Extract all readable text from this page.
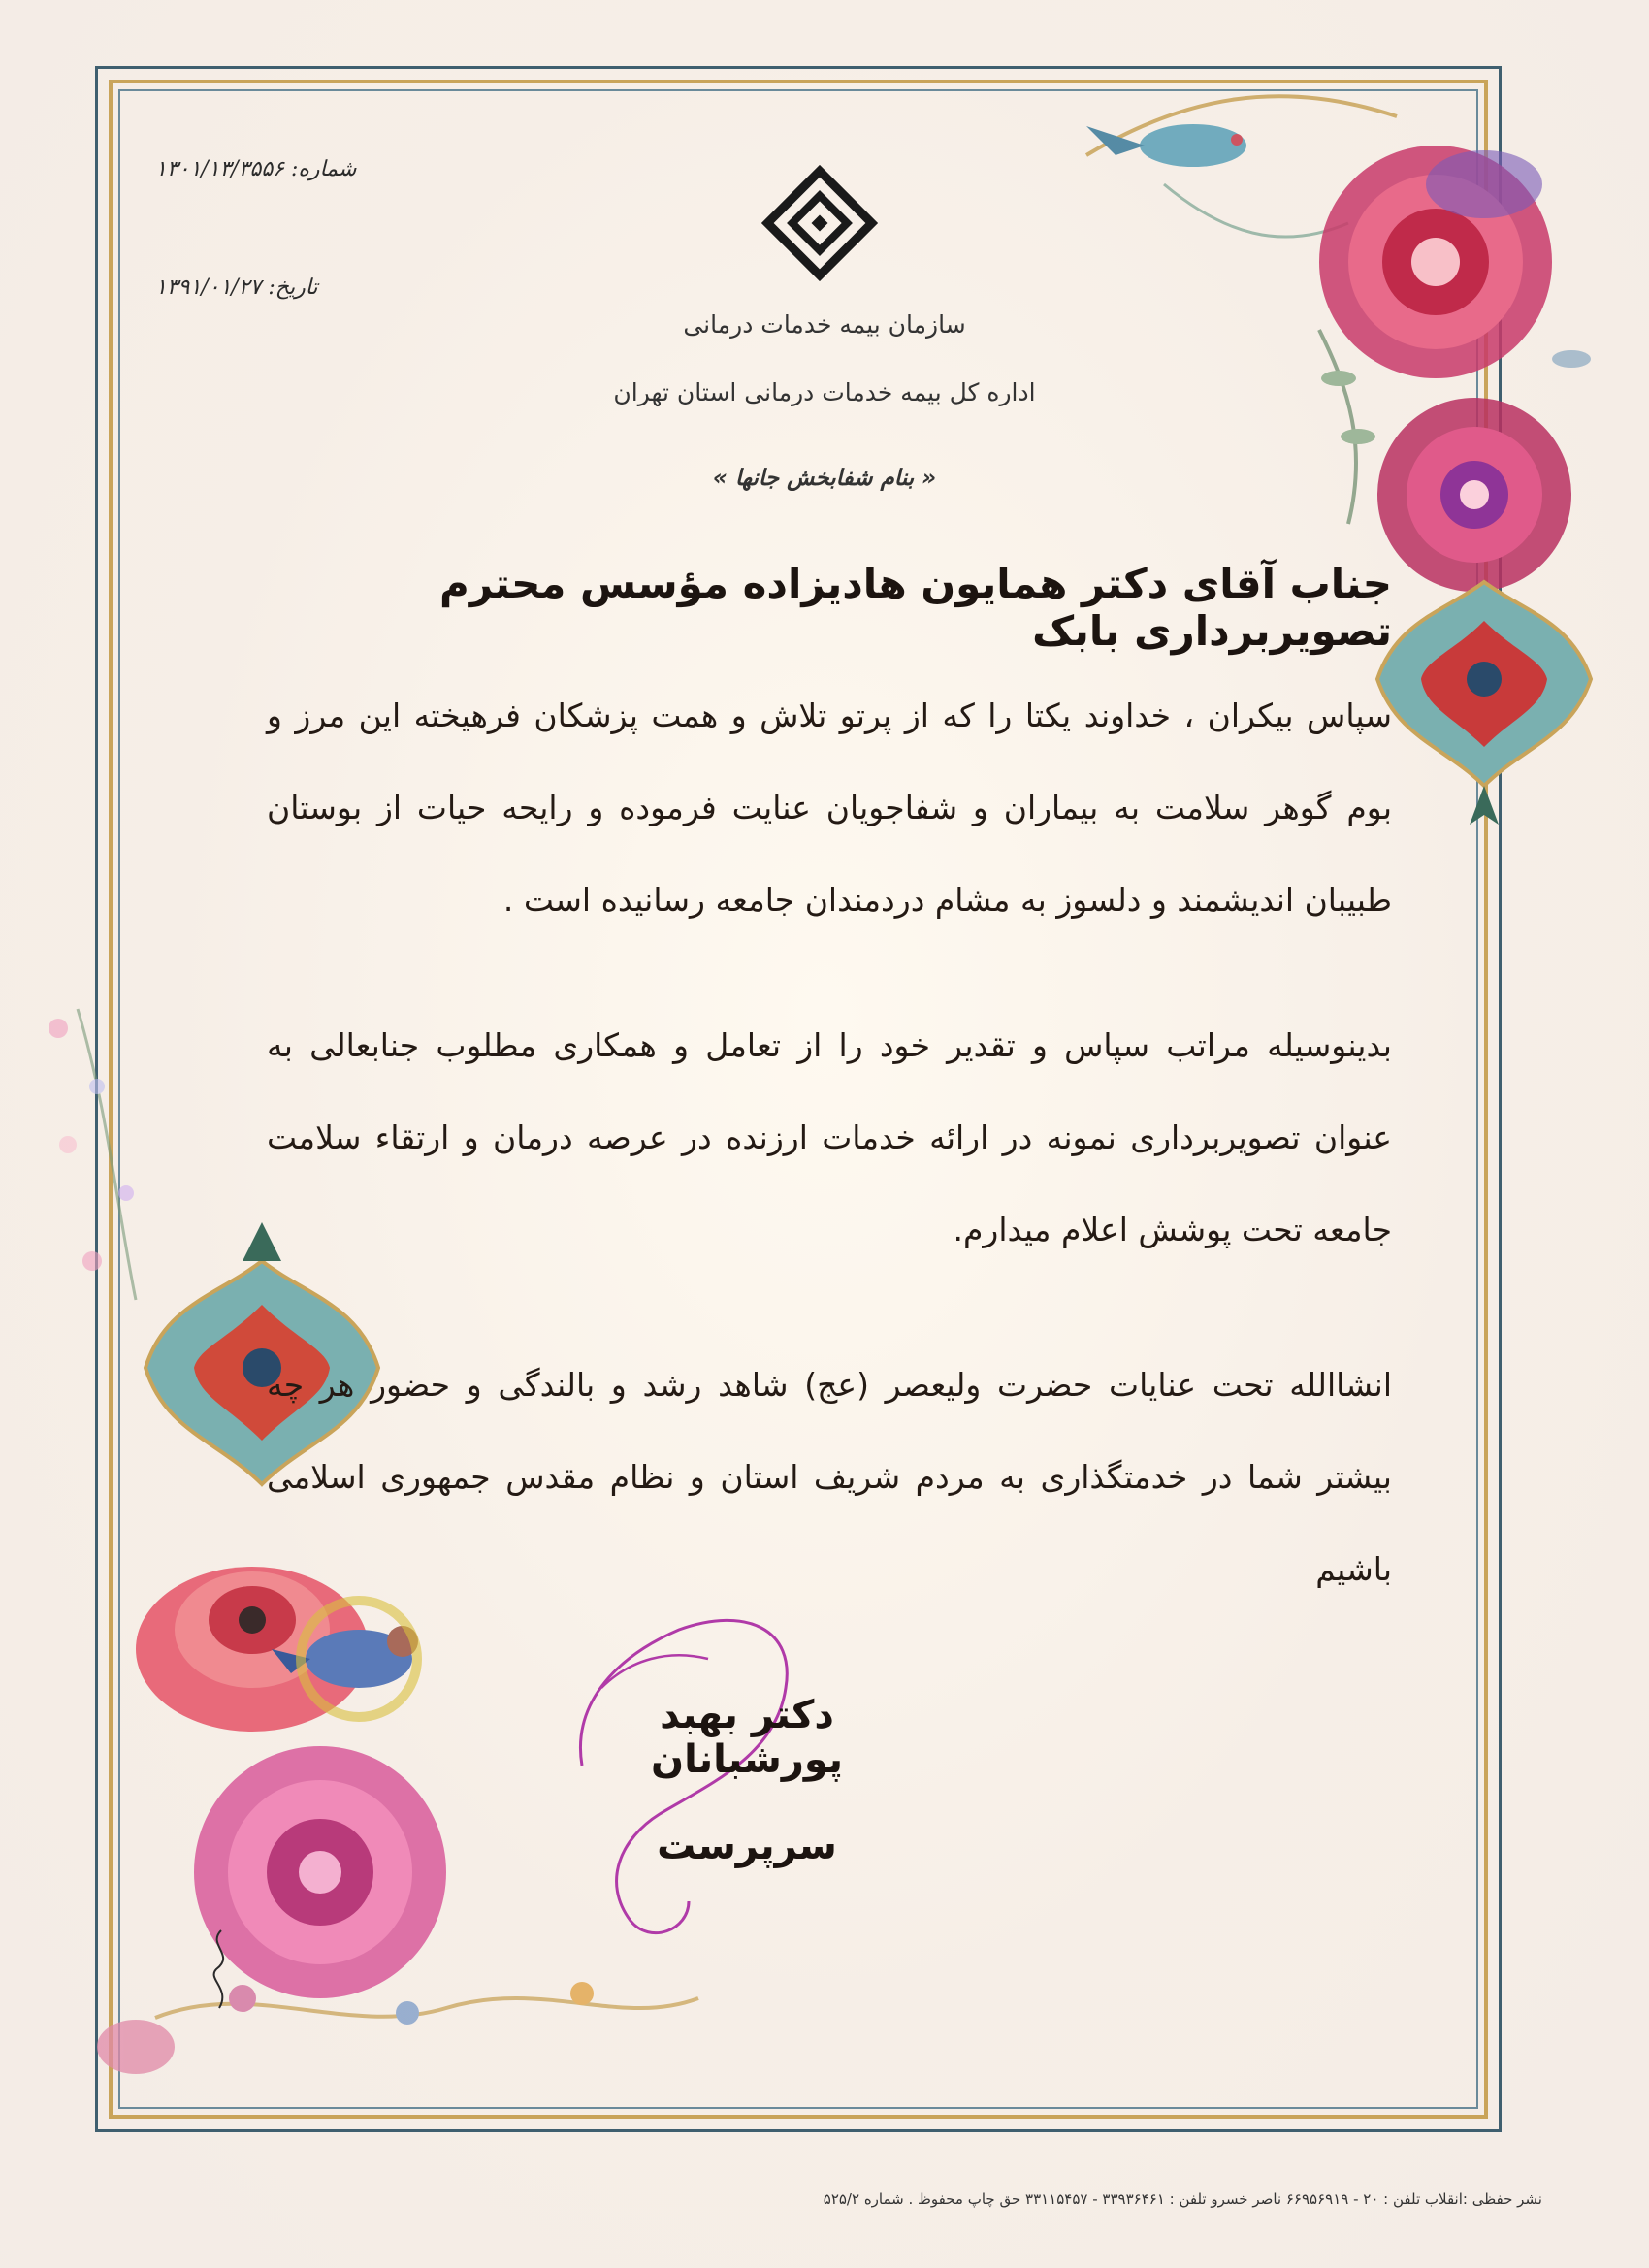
شماره: ۱۳۰۱/۱۳/۳۵۵۶
تاریخ: ۱۳۹۱/۰۱/۲۷
سازمان بیمه خدمات درمانی
اداره کل بیمه خدمات درمانی استان تهران
« بنام شفابخش جانها »
جناب آقای دکتر همایون هادیزاده مؤسس محترم تصویربرداری بابک
سپاس بیکران ، خداوند یکتا را که از پرتو تلاش و همت پزشکان فرهیخته این مرز و بوم گوهر سلامت به بیماران و شفاجویان عنایت فرموده و رایحه حیات از بوستان طبیبان اندیشمند و دلسوز به مشام دردمندان جامعه رسانیده است .
بدینوسیله مراتب سپاس و تقدیر خود را از تعامل و همکاری مطلوب جنابعالی به عنوان تصویربرداری نمونه در ارائه خدمات ارزنده در عرصه درمان و ارتقاء سلامت جامعه تحت پوشش اعلام میدارم.
انشاالله تحت عنایات حضرت ولیعصر (عج) شاهد رشد و بالندگی و حضور هر چه بیشتر شما در خدمتگذاری به مردم شریف استان و نظام مقدس جمهوری اسلامی باشیم
دکتر بهبد پورشبانان
سرپرست
نشر حفظی :انقلاب تلفن : ۲۰ - ۶۶۹۵۶۹۱۹ ناصر خسرو تلفن : ۳۳۹۳۶۴۶۱ - ۳۳۱۱۵۴۵۷ حق چاپ محفوظ . شماره ۵۲۵/۲
